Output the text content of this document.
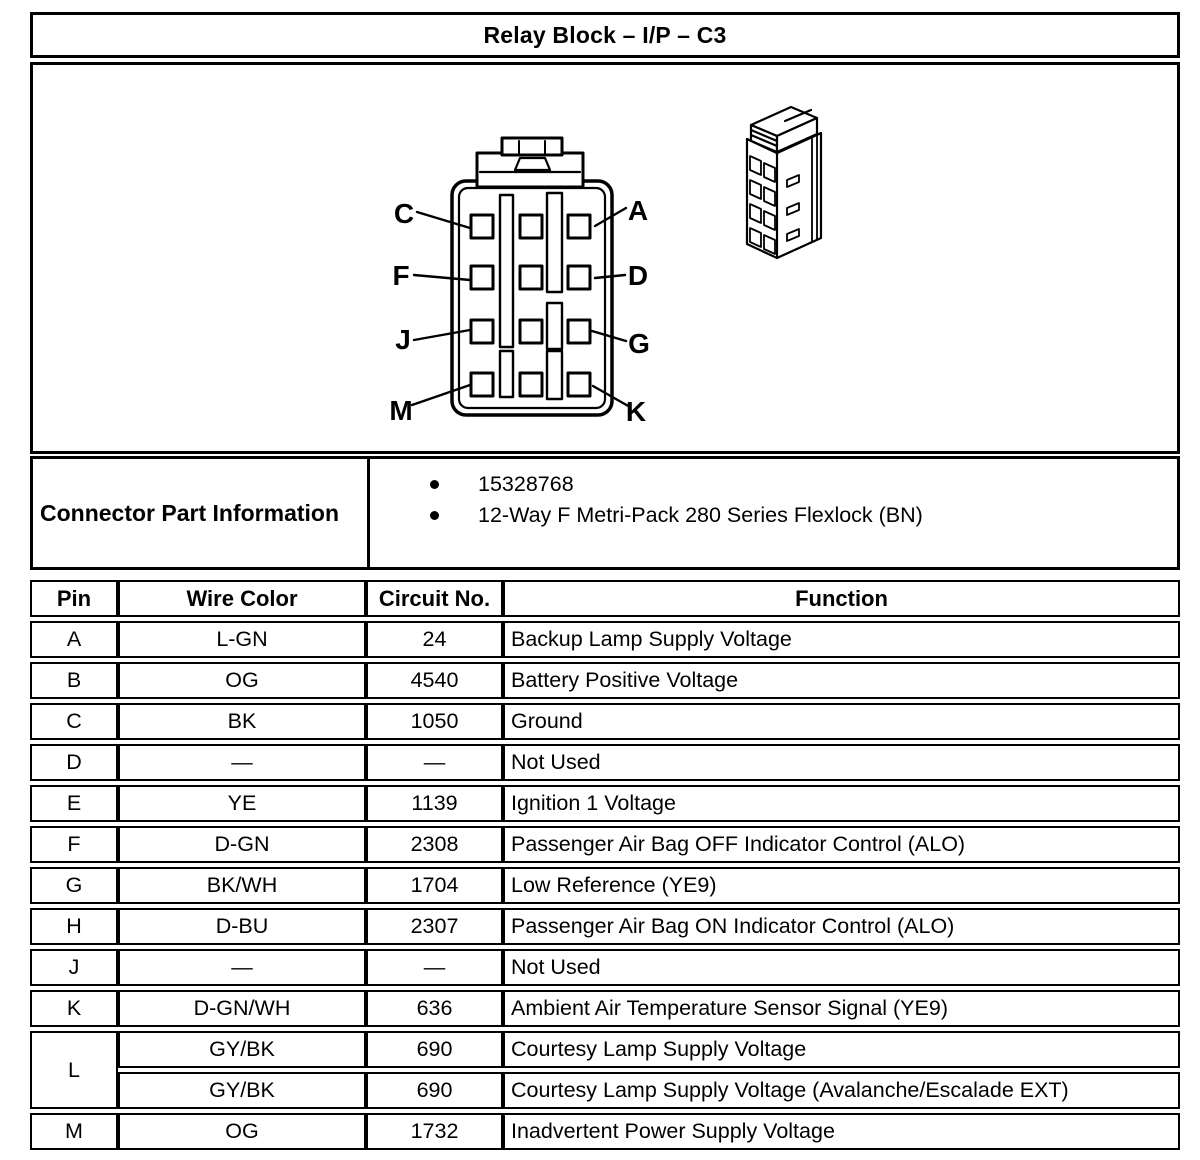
Relay Block – I/P – C3
C	A
F	D
J	G
M	K
Connector Part Information
15328768
12-Way F Metri-Pack 280 Series Flexlock (BN)
Pin	Wire Color	Circuit No.	Function
A	L-GN	24	Backup Lamp Supply Voltage
B	OG	4540	Battery Positive Voltage
C	BK	1050	Ground
D	—	—	Not Used
E	YE	1139	Ignition 1 Voltage
F	D-GN	2308	Passenger Air Bag OFF Indicator Control (ALO)
G	BK/WH	1704	Low Reference (YE9)
H	D-BU	2307	Passenger Air Bag ON Indicator Control (ALO)
J	—	—	Not Used
K	D-GN/WH	636	Ambient Air Temperature Sensor Signal (YE9)
L	GY/BK	690	Courtesy Lamp Supply Voltage
	GY/BK	690	Courtesy Lamp Supply Voltage (Avalanche/Escalade EXT)
M	OG	1732	Inadvertent Power Supply Voltage
